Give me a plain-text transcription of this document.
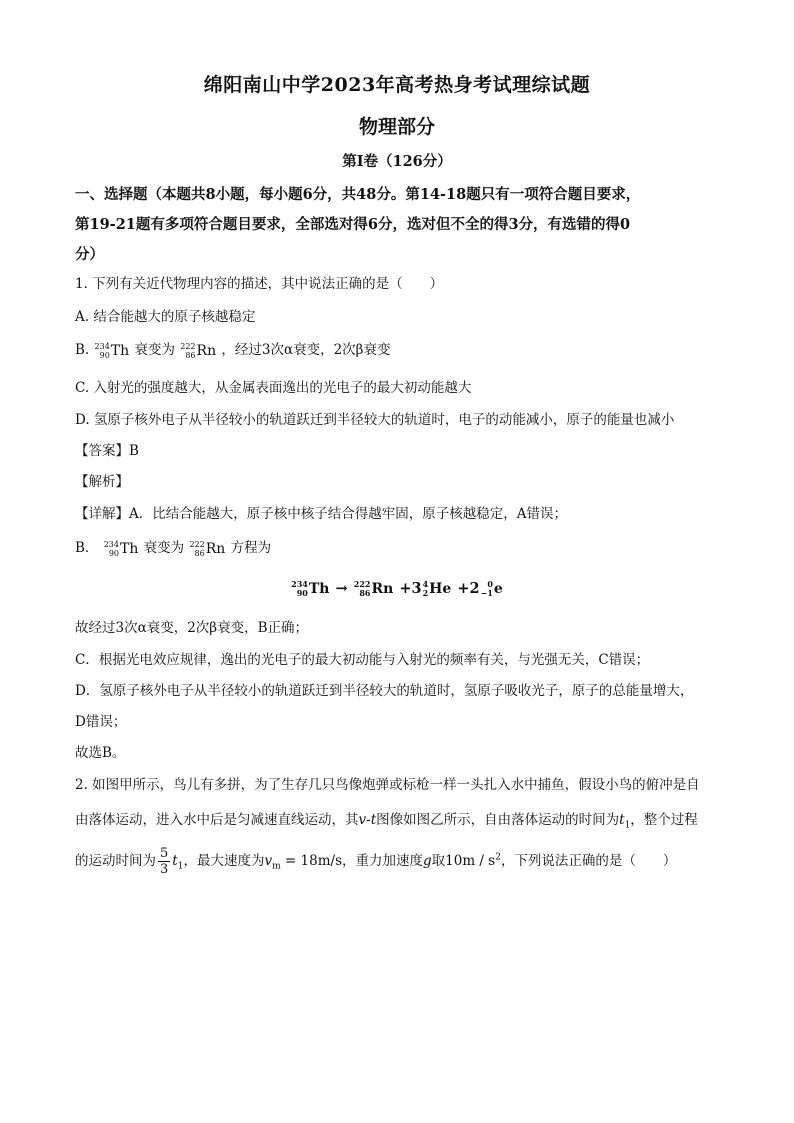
绵阳南山中学2023年高考热身考试理综试题
物理部分
第Ⅰ卷（126分）
一、选择题（本题共8小题，每小题6分，共48分。第14-18题只有一项符合题目要求，
第19-21题有多项符合题目要求，全部选对得6分，选对但不全的得3分，有选错的得0
分）
1. 下列有关近代物理内容的描述，其中说法正确的是（　　）
A. 结合能越大的原子核越稳定
B. 234
90 Th 衰变为 222
86 Rn ，经过3次α衰变，2次β衰变
C. 入射光的强度越大，从金属表面逸出的光电子的最大初动能越大
D. 氢原子核外电子从半径较小的轨道跃迁到半径较大的轨道时，电子的动能减小，原子的能量也减小
【答案】B
【解析】
【详解】A．比结合能越大，原子核中核子结合得越牢固，原子核越稳定，A错误；
B． 234
90 Th 衰变为 222
86 Rn 方程为
234
90 Th → 222
86 Rn +3 4
2 He +2 0
−1 e
故经过3次α衰变，2次β衰变，B正确；
C．根据光电效应规律，逸出的光电子的最大初动能与入射光的频率有关，与光强无关，C错误；
D．氢原子核外电子从半径较小的轨道跃迁到半径较大的轨道时，氢原子吸收光子，原子的总能量增大，
D错误；
故选B。
2. 如图甲所示，鸟儿有多拼，为了生存几只鸟像炮弹或标枪一样一头扎入水中捕鱼，假设小鸟的俯冲是自
由落体运动，进入水中后是匀减速直线运动，其v-t图像如图乙所示，自由落体运动的时间为$t_1$，整个过程
的运动时间为 $\frac{5}{3} t_1$，最大速度为$v_m = 18m/s$，重力加速度g取$10m / s^2$，下列说法正确的是（　　）
